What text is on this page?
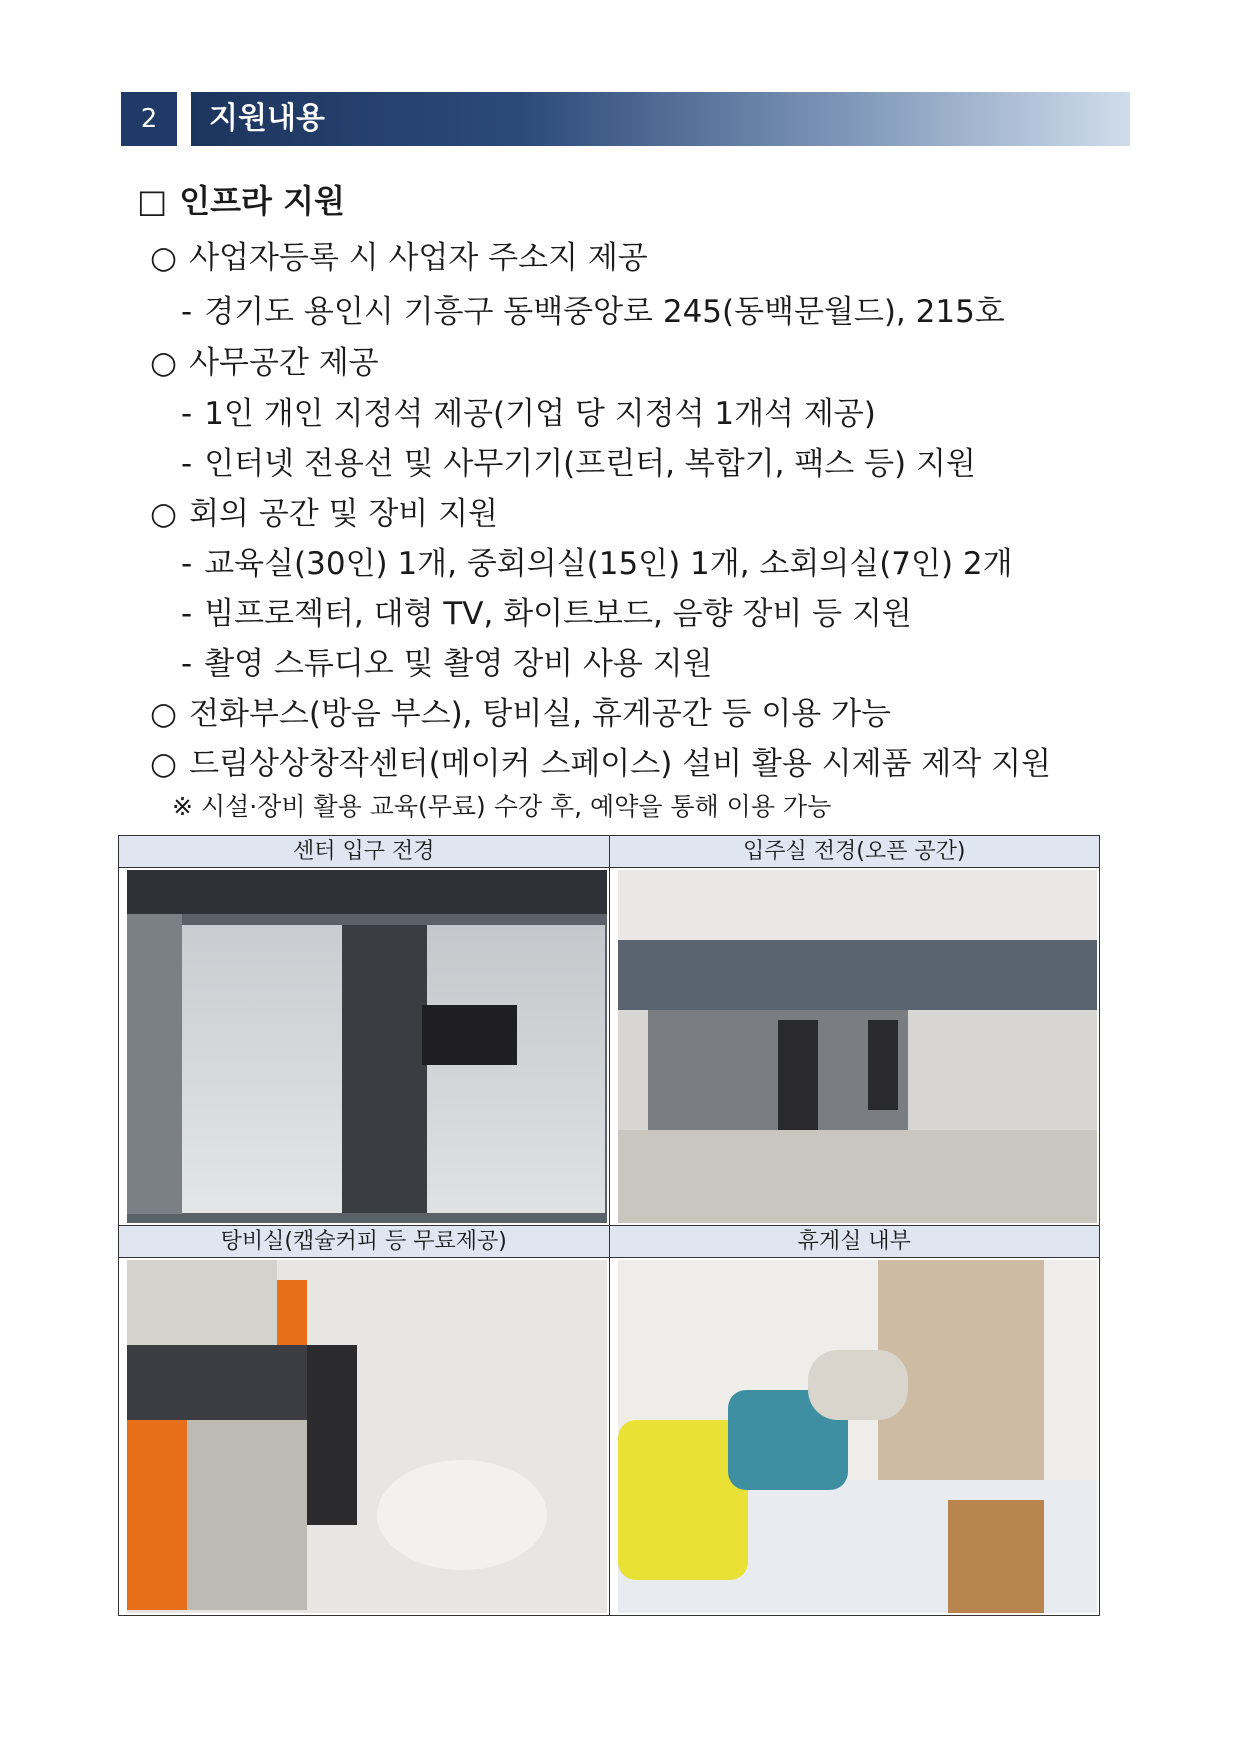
2	지원내용
□ 인프라 지원
○ 사업자등록 시 사업자 주소지 제공
- 경기도 용인시 기흥구 동백중앙로 245(동백문월드), 215호
○ 사무공간 제공
- 1인 개인 지정석 제공(기업 당 지정석 1개석 제공)
- 인터넷 전용선 및 사무기기(프린터, 복합기, 팩스 등) 지원
○ 회의 공간 및 장비 지원
- 교육실(30인) 1개, 중회의실(15인) 1개, 소회의실(7인) 2개
- 빔프로젝터, 대형 TV, 화이트보드, 음향 장비 등 지원
- 촬영 스튜디오 및 촬영 장비 사용 지원
○ 전화부스(방음 부스), 탕비실, 휴게공간 등 이용 가능
○ 드림상상창작센터(메이커 스페이스) 설비 활용 시제품 제작 지원
※ 시설·장비 활용 교육(무료) 수강 후, 예약을 통해 이용 가능
센터 입구 전경	입주실 전경(오픈 공간)

탕비실(캡슐커피 등 무료제공)	휴게실 내부
